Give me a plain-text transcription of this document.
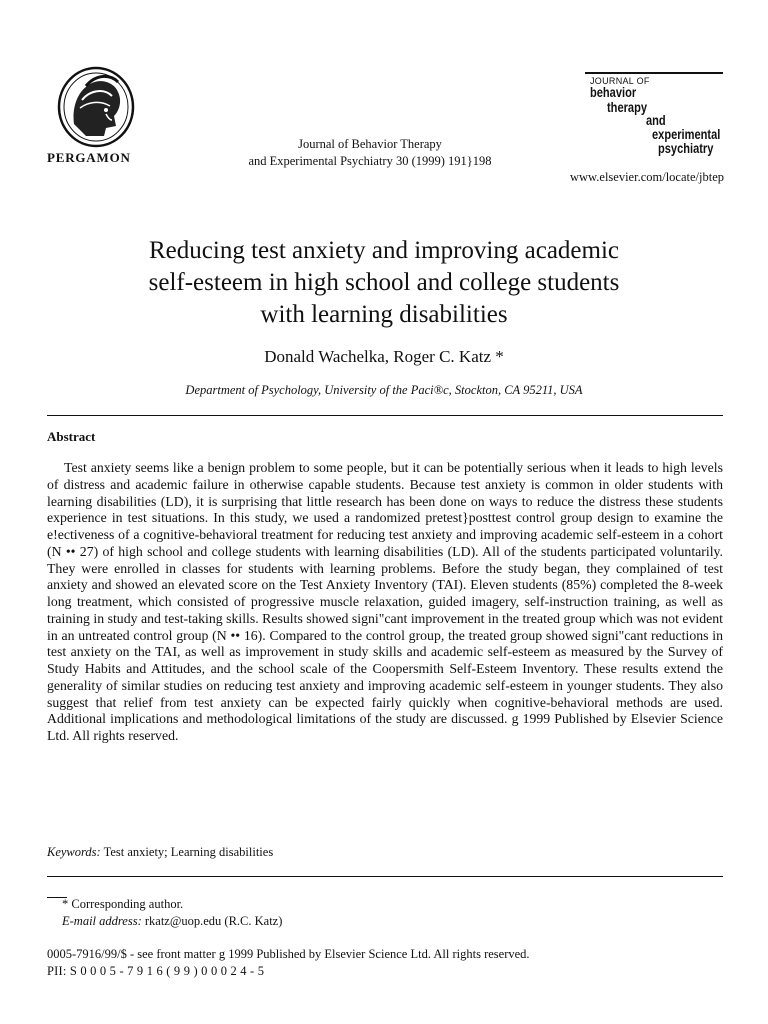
PERGAMON
Journal of Behavior Therapy
and Experimental Psychiatry 30 (1999) 191}198
JOURNAL OF
behavior
therapy
and
experimental
psychiatry
www.elsevier.com/locate/jbtep
Reducing test anxiety and improving academic
self-esteem in high school and college students
with learning disabilities
Donald Wachelka, Roger C. Katz *
Department of Psychology, University of the Paci®c, Stockton, CA 95211, USA
Abstract

Test anxiety seems like a benign problem to some people, but it can be potentially serious when it leads to high levels of distress and academic failure in otherwise capable students. Because test anxiety is common in older students with learning disabilities (LD), it is surprising that little research has been done on ways to reduce the distress these students experience in test situations. In this study, we used a randomized pretest}posttest control group design to examine the e!ectiveness of a cognitive-behavioral treatment for reducing test anxiety and improving academic self-esteem in a cohort (N •• 27) of high school and college students with learning disabilities (LD). All of the students participated voluntarily. They were enrolled in classes for students with learning problems. Before the study began, they complained of test anxiety and showed an elevated score on the Test Anxiety Inventory (TAI). Eleven students (85%) completed the 8-week long treatment, which consisted of progressive muscle relaxation, guided imagery, self-instruction training, as well as training in study and test-taking skills. Results showed signi"cant improvement in the treated group which was not evident in an untreated control group (N •• 16). Compared to the control group, the treated group showed signi"cant reductions in test anxiety on the TAI, as well as improvement in study skills and academic self-esteem as measured by the Survey of Study Habits and Attitudes, and the school scale of the Coopersmith Self-Esteem Inventory. These results extend the generality of similar studies on reducing test anxiety and improving academic self-esteem in younger students. They also suggest that relief from test anxiety can be expected fairly quickly when cognitive-behavioral methods are used. Additional implications and methodological limitations of the study are discussed. g 1999 Published by Elsevier Science Ltd. All rights reserved.

Keywords: Test anxiety; Learning disabilities
* Corresponding author.
E-mail address: rkatz@uop.edu (R.C. Katz)
0005-7916/99/$ - see front matter g 1999 Published by Elsevier Science Ltd. All rights reserved.
PII: S 0 0 0 5 - 7 9 1 6 ( 9 9 ) 0 0 0 2 4 - 5
